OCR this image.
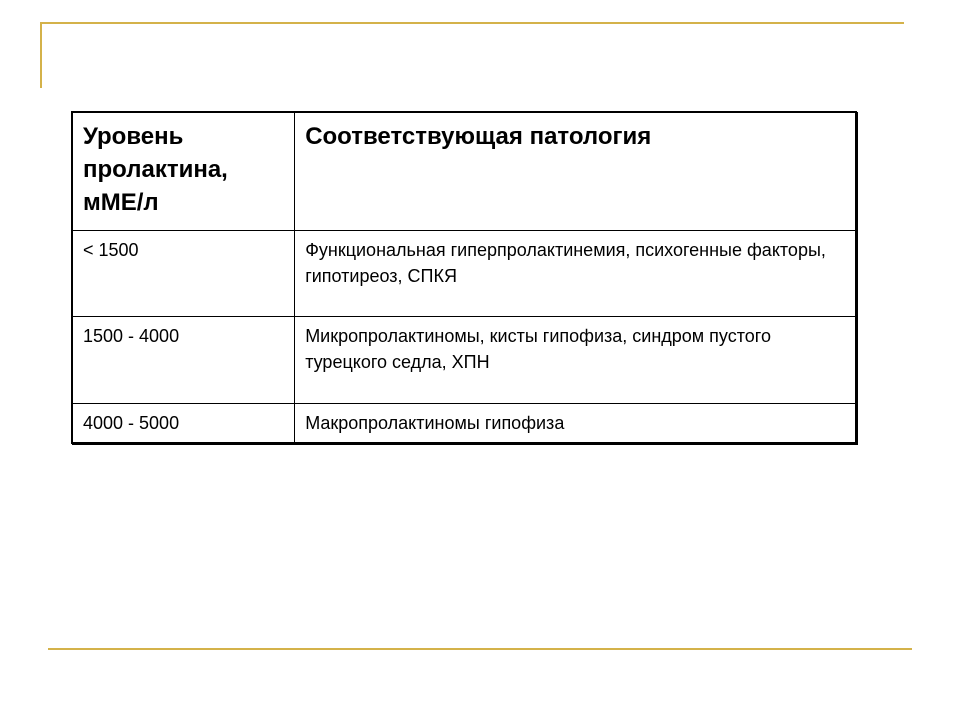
Уровень пролактина, мМЕ/л	Соответствующая патология
< 1500	Функциональная гиперпролактинемия, психогенные факторы, гипотиреоз, СПКЯ
1500 - 4000	Микропролактиномы, кисты гипофиза, синдром пустого турецкого седла, ХПН
4000 - 5000	Макропролактиномы гипофиза
